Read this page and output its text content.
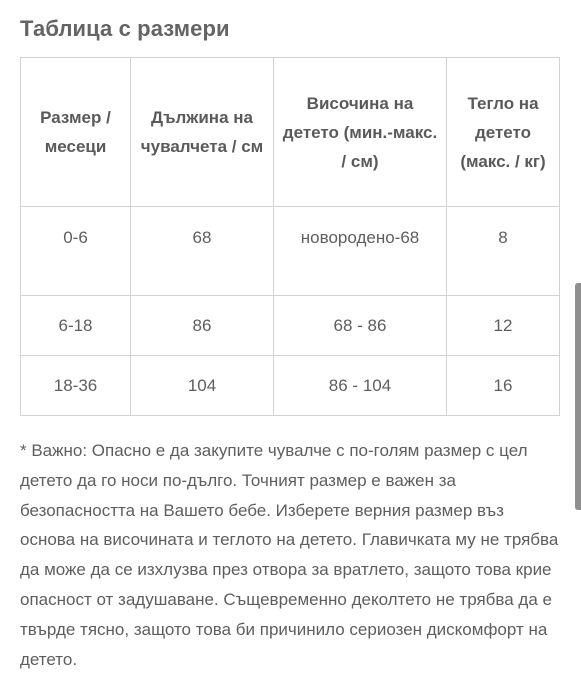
Таблица с размери
Размер / месеци	Дължина на чувалчета / см	Височина на детето (мин.-макс. / см)	Тегло на детето (макс. / кг)
0-6	68	новородено-68	8
6-18	86	68 - 86	12
18-36	104	86 - 104	16

* Важно: Опасно е да закупите чувалче с по-голям размер с цел детето да го носи по-дълго. Точният размер е важен за безопасността на Вашето бебе. Изберете верния размер въз основа на височината и теглото на детето. Главичката му не трябва да може да се изхлузва през отвора за вратлето, защото това крие опасност от задушаване. Същевременно деколтето не трябва да е твърде тясно, защото това би причинило сериозен дискомфорт на детето.
